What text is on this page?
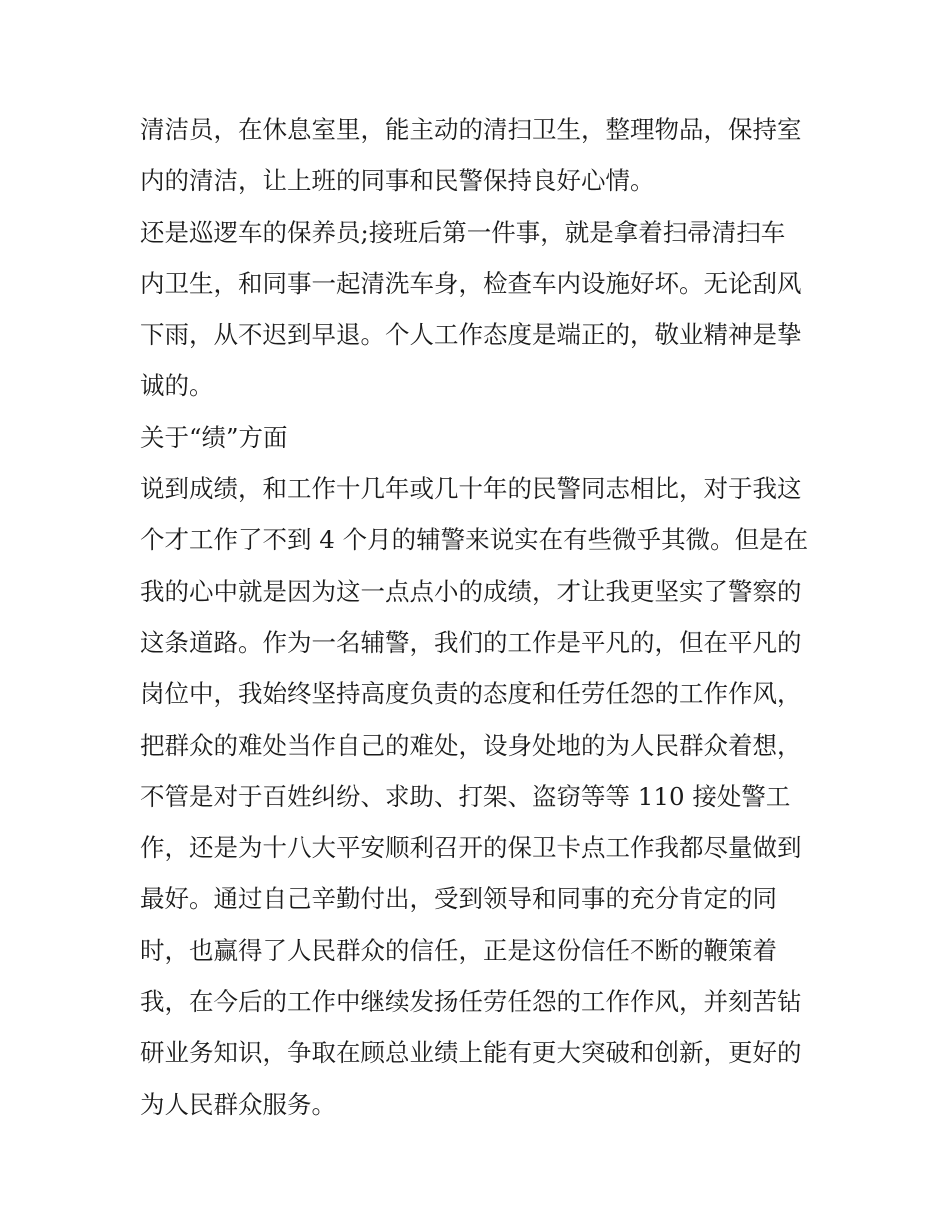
清洁员，在休息室里，能主动的清扫卫生，整理物品，保持室
内的清洁，让上班的同事和民警保持良好心情。
还是巡逻车的保养员;接班后第一件事，就是拿着扫帚清扫车
内卫生，和同事一起清洗车身，检查车内设施好坏。无论刮风
下雨，从不迟到早退。个人工作态度是端正的，敬业精神是挚
诚的。
关于“绩”方面
说到成绩，和工作十几年或几十年的民警同志相比，对于我这
个才工作了不到 4 个月的辅警来说实在有些微乎其微。但是在
我的心中就是因为这一点点小的成绩，才让我更坚实了警察的
这条道路。作为一名辅警，我们的工作是平凡的，但在平凡的
岗位中，我始终坚持高度负责的态度和任劳任怨的工作作风，
把群众的难处当作自己的难处，设身处地的为人民群众着想，
不管是对于百姓纠纷、求助、打架、盗窃等等 110 接处警工
作，还是为十八大平安顺利召开的保卫卡点工作我都尽量做到
最好。通过自己辛勤付出，受到领导和同事的充分肯定的同
时，也赢得了人民群众的信任，正是这份信任不断的鞭策着
我，在今后的工作中继续发扬任劳任怨的工作作风，并刻苦钻
研业务知识，争取在顾总业绩上能有更大突破和创新，更好的
为人民群众服务。
